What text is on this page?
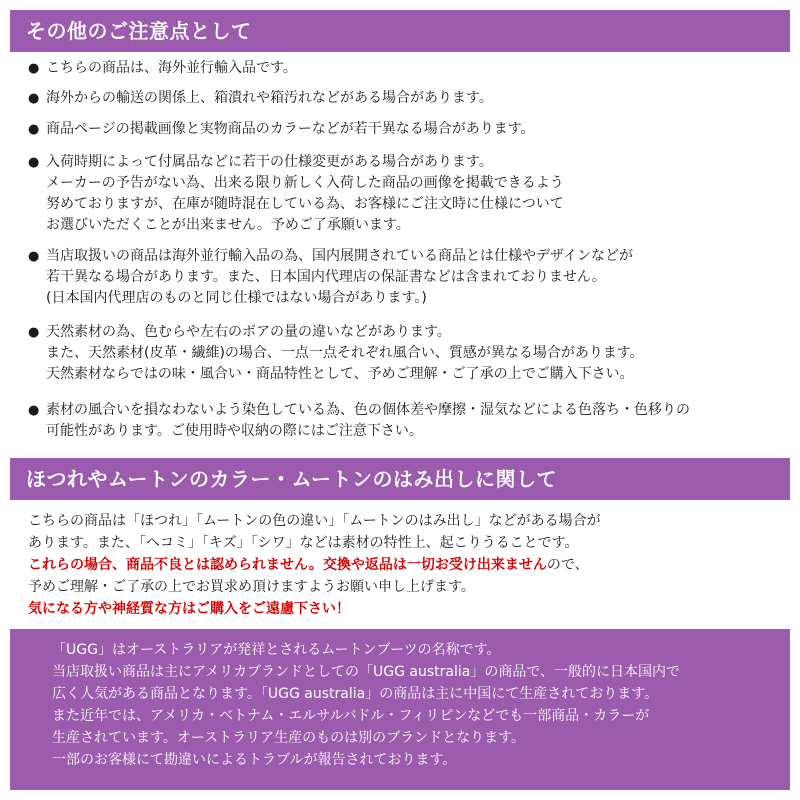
その他のご注意点として
● こちらの商品は、海外並行輸入品です。
● 海外からの輸送の関係上、箱潰れや箱汚れなどがある場合があります。
● 商品ページの掲載画像と実物商品のカラーなどが若干異なる場合があります。
● 入荷時期によって付属品などに若干の仕様変更がある場合があります。
メーカーの予告がない為、出来る限り新しく入荷した商品の画像を掲載できるよう
努めておりますが、在庫が随時混在している為、お客様にご注文時に仕様について
お選びいただくことが出来ません。予めご了承願います。
● 当店取扱いの商品は海外並行輸入品の為、国内展開されている商品とは仕様やデザインなどが
若干異なる場合があります。また、日本国内代理店の保証書などは含まれておりません。
(日本国内代理店のものと同じ仕様ではない場合があります。)
● 天然素材の為、色むらや左右のボアの量の違いなどがあります。
また、天然素材(皮革・繊維)の場合、一点一点それぞれ風合い、質感が異なる場合があります。
天然素材ならではの味・風合い・商品特性として、予めご理解・ご了承の上でご購入下さい。
● 素材の風合いを損なわないよう染色している為、色の個体差や摩擦・湿気などによる色落ち・色移りの
可能性があります。ご使用時や収納の際にはご注意下さい。
ほつれやムートンのカラー・ムートンのはみ出しに関して
こちらの商品は「ほつれ」「ムートンの色の違い」「ムートンのはみ出し」などがある場合が
あります。また、「ヘコミ」「キズ」「シワ」などは素材の特性上、起こりうることです。
これらの場合、商品不良とは認められません。交換や返品は一切お受け出来ませんので、
予めご理解・ご了承の上でお買求め頂けますようお願い申し上げます。
気になる方や神経質な方はご購入をご遠慮下さい！
「UGG」はオーストラリアが発祥とされるムートンブーツの名称です。
当店取扱い商品は主にアメリカブランドとしての「UGG australia」の商品で、一般的に日本国内で
広く人気がある商品となります。「UGG australia」の商品は主に中国にて生産されております。
また近年では、アメリカ・ベトナム・エルサルバドル・フィリピンなどでも一部商品・カラーが
生産されています。オーストラリア生産のものは別のブランドとなります。
一部のお客様にて勘違いによるトラブルが報告されております。
